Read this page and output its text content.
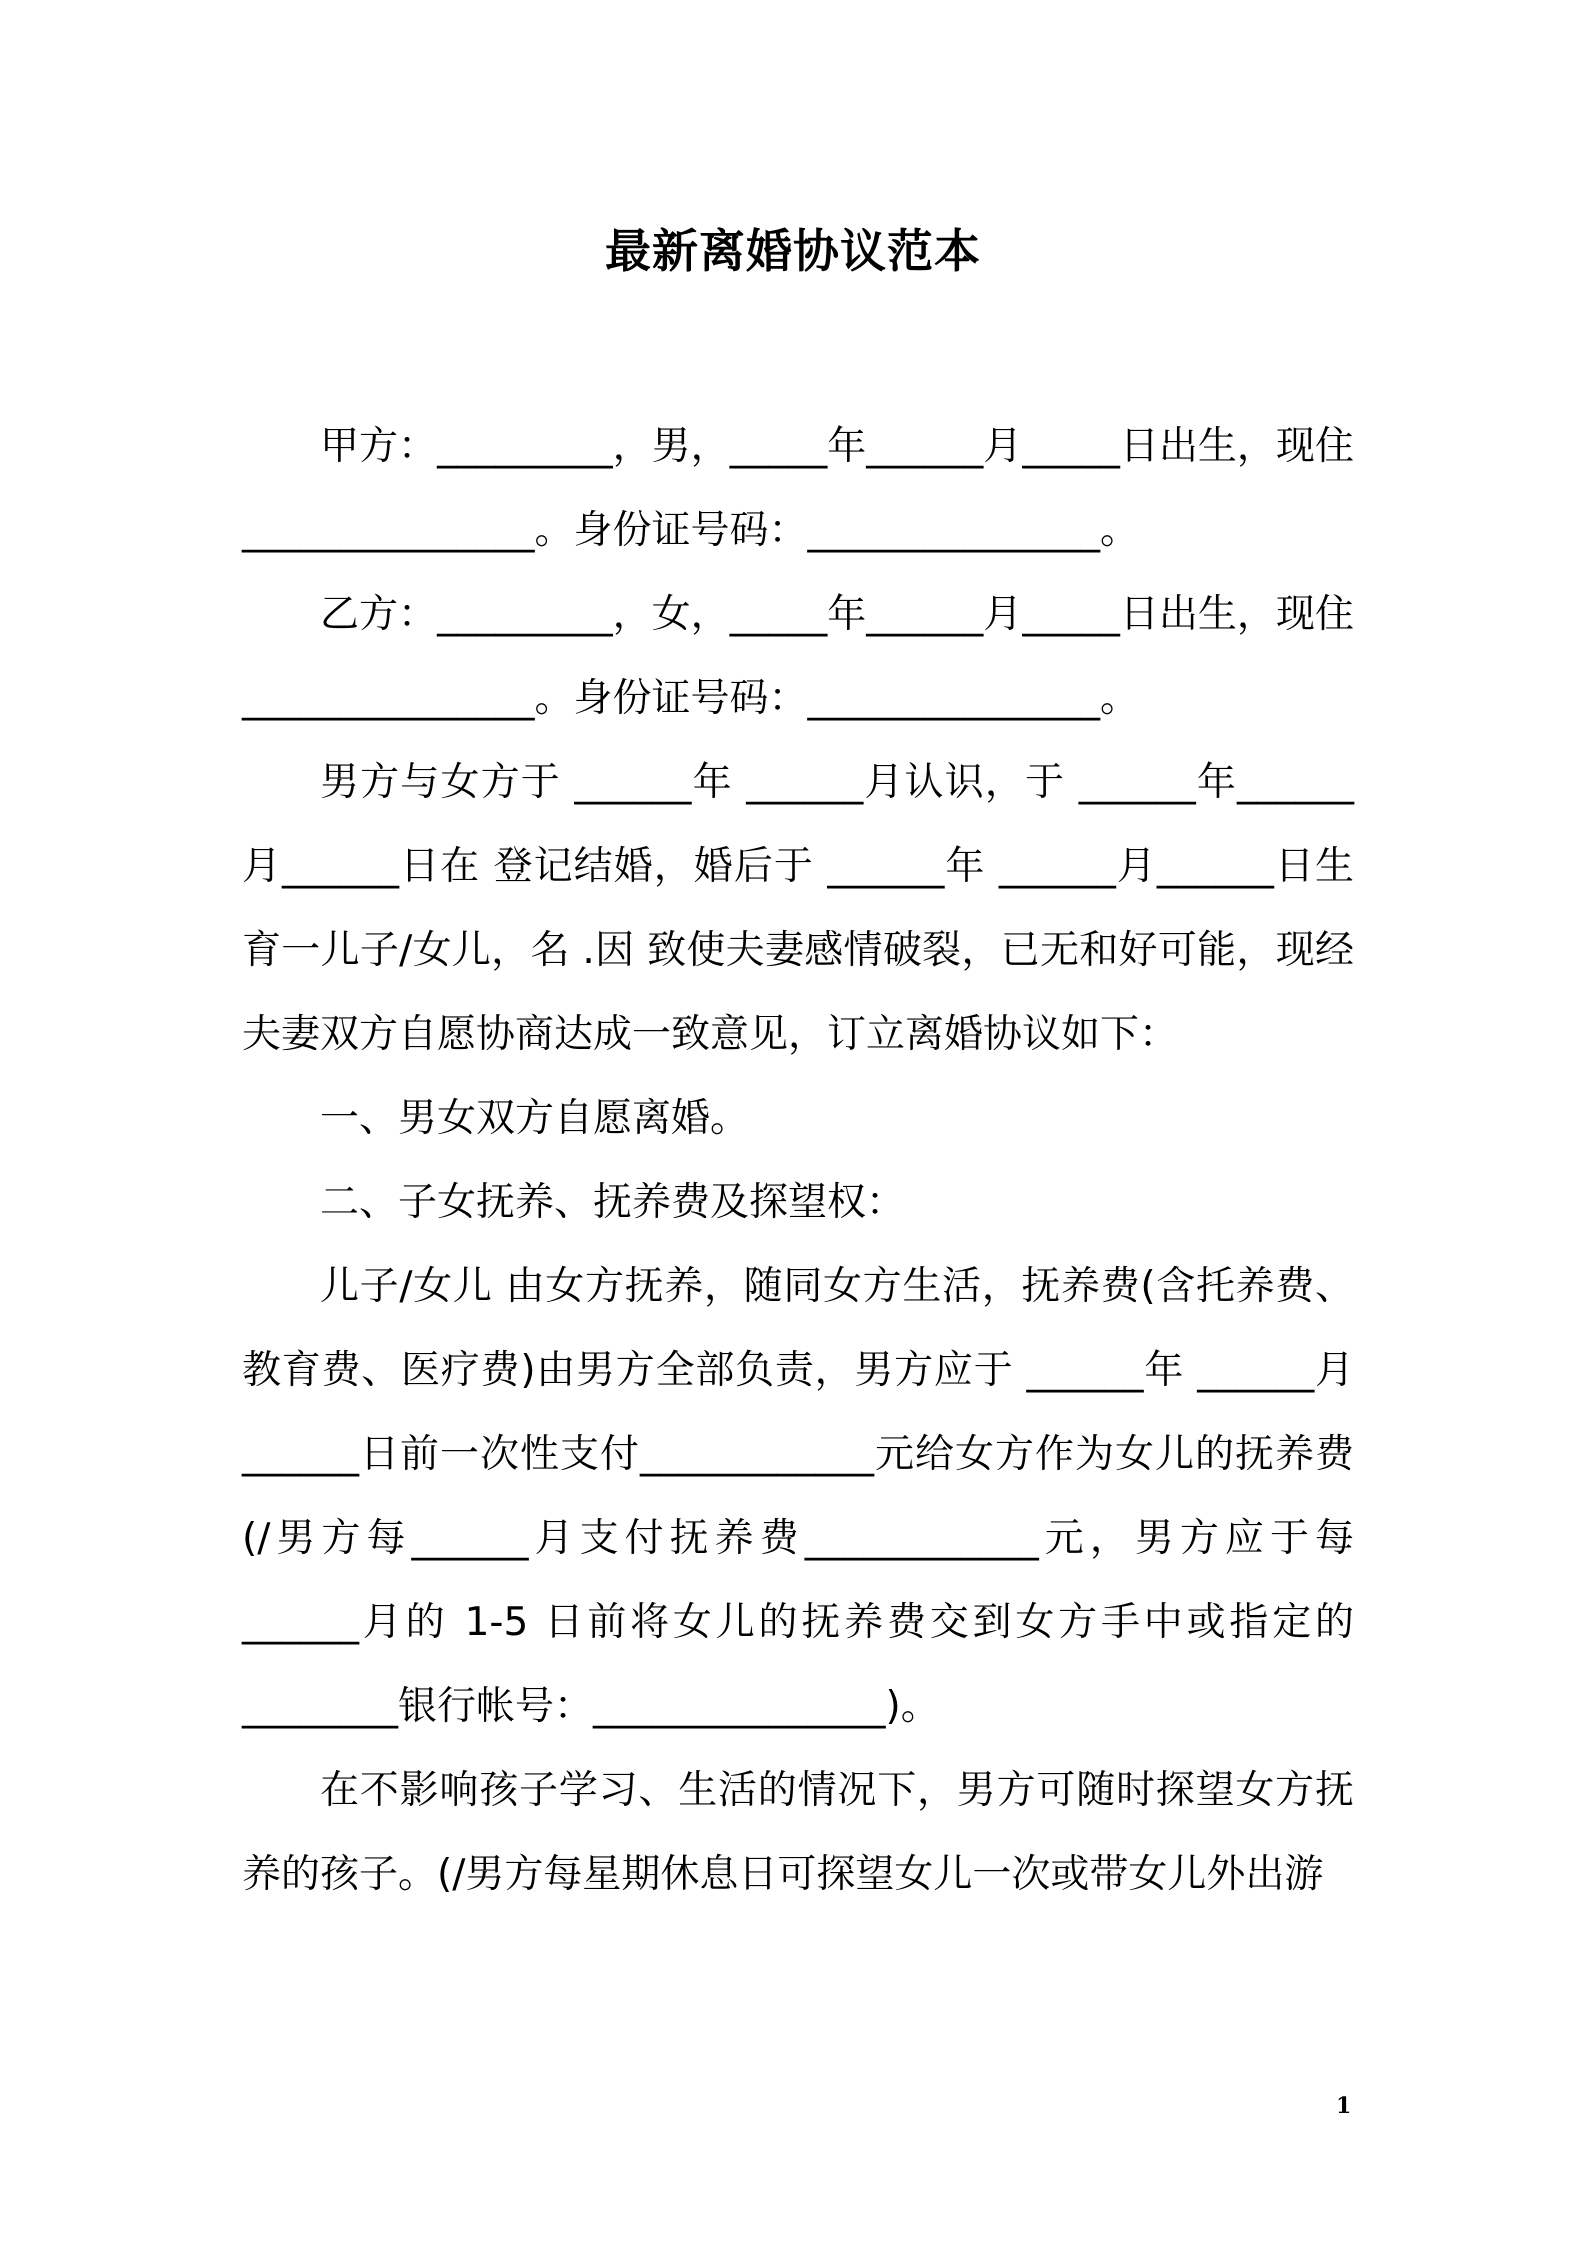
最新离婚协议范本

甲方：_________，男，_____年______月_____日出生，现住_______________。身份证号码：_______________。

乙方：_________，女，_____年______月_____日出生，现住_______________。身份证号码：_______________。

男方与女方于 ______年 ______月认识，于 ______年______月______日在 登记结婚，婚后于 ______年 ______月______日生育一儿子/女儿，名 .因 致使夫妻感情破裂，已无和好可能，现经夫妻双方自愿协商达成一致意见，订立离婚协议如下：

一、男女双方自愿离婚。

二、子女抚养、抚养费及探望权：

儿子/女儿 由女方抚养，随同女方生活，抚养费(含托养费、教育费、医疗费)由男方全部负责，男方应于 ______年 ______月______日前一次性支付____________元给女方作为女儿的抚养费(/男方每______月支付抚养费____________元，男方应于每______月的 1-5 日前将女儿的抚养费交到女方手中或指定的________银行帐号：_______________)。

在不影响孩子学习、生活的情况下，男方可随时探望女方抚养的孩子。(/男方每星期休息日可探望女儿一次或带女儿外出游

1
